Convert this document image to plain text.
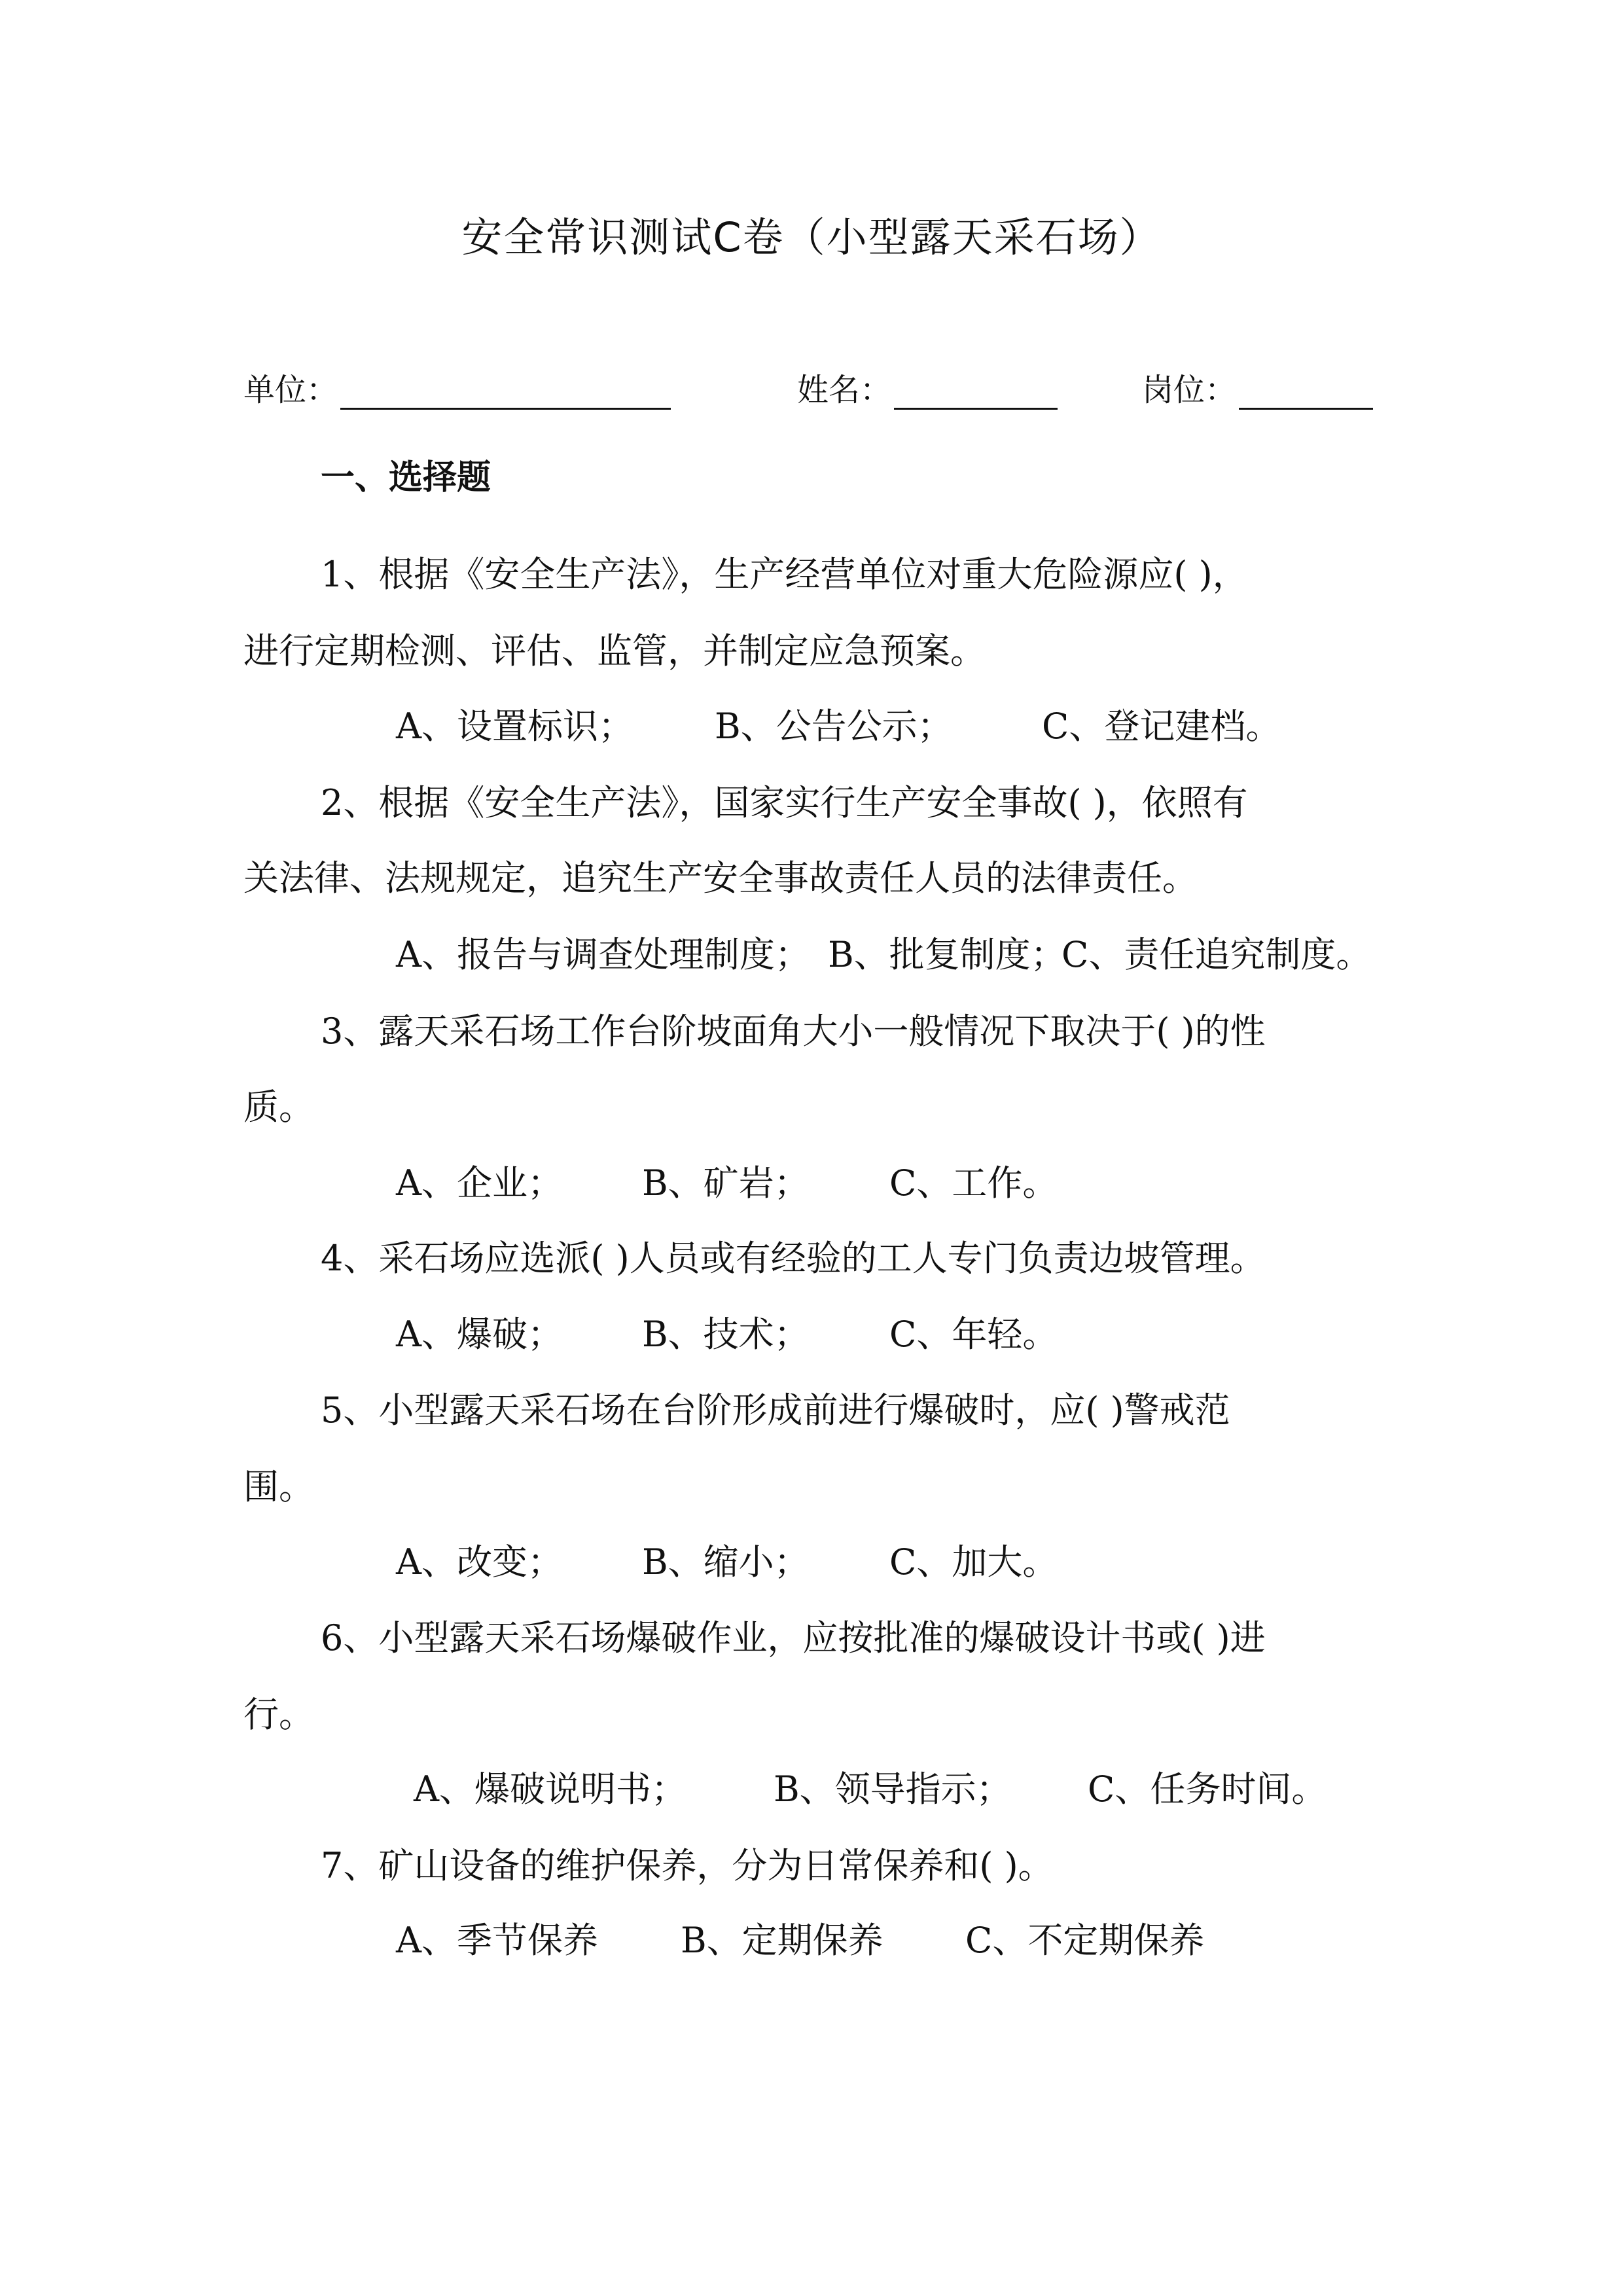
安全常识测试C卷（小型露天采石场）
单位：	姓名：	岗位：
一、选择题
1、根据《安全生产法》，生产经营单位对重大危险源应( )，
进行定期检测、评估、监管，并制定应急预案。
A、设置标识； B、公告公示；	C、登记建档。
2、根据《安全生产法》，国家实行生产安全事故( )，依照有
关法律、法规规定，追究生产安全事故责任人员的法律责任。
A、报告与调查处理制度； B、批复制度；C、责任追究制度。
3、露天采石场工作台阶坡面角大小一般情况下取决于( )的性
质。
A、企业； B、矿岩； C、工作。
4、采石场应选派( )人员或有经验的工人专门负责边坡管理。
A、爆破； B、技术； C、年轻。
5、小型露天采石场在台阶形成前进行爆破时，应( )警戒范
围。
A、改变； B、缩小； C、加大。
6、小型露天采石场爆破作业，应按批准的爆破设计书或( )进
行。
A、爆破说明书； B、领导指示； C、任务时间。
7、矿山设备的维护保养，分为日常保养和( )。
A、季节保养 B、定期保养 C、不定期保养
